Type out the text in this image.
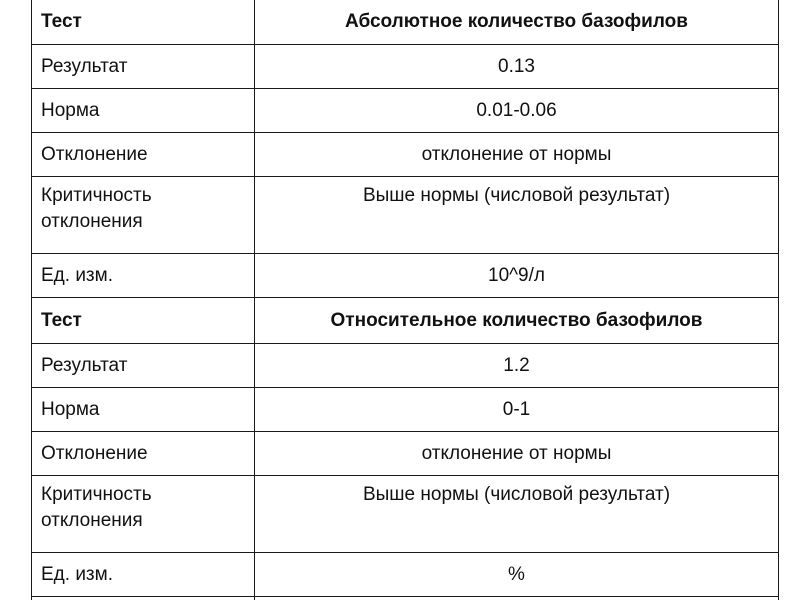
Тест	Абсолютное количество базофилов
Результат	0.13
Норма	0.01-0.06
Отклонение	отклонение от нормы
Критичность
отклонения	Выше нормы (числовой результат)
Ед. изм.	10^9/л
Тест	Относительное количество базофилов
Результат	1.2
Норма	0-1
Отклонение	отклонение от нормы
Критичность
отклонения	Выше нормы (числовой результат)
Ед. изм.	%
